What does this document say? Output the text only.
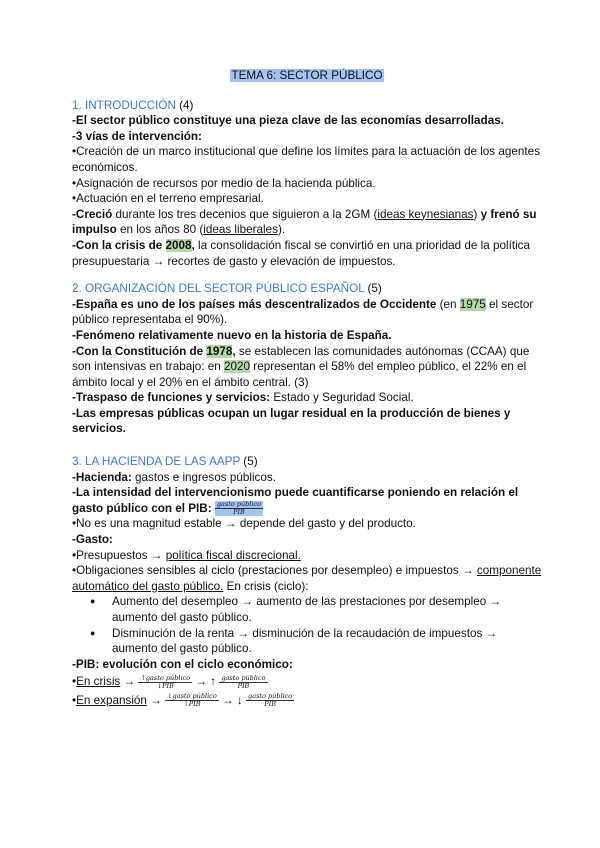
TEMA 6: SECTOR PÚBLICO
1. INTRODUCCIÓN (4)

-El sector público constituye una pieza clave de las economías desarrolladas.

-3 vías de intervención:

•Creación de un marco institucional que define los límites para la actuación de los agentes económicos.

•Asignación de recursos por medio de la hacienda pública.

•Actuación en el terreno empresarial.

-Creció durante los tres decenios que siguieron a la 2GM (ideas keynesianas) y frenó su impulso en los años 80 (ideas liberales).

-Con la crisis de 2008, la consolidación fiscal se convirtió en una prioridad de la política presupuestaria → recortes de gasto y elevación de impuestos.

2. ORGANIZACIÓN DEL SECTOR PÚBLICO ESPAÑOL (5)

-España es uno de los países más descentralizados de Occidente (en 1975 el sector público representaba el 90%).

-Fenómeno relativamente nuevo en la historia de España.

-Con la Constitución de 1978, se establecen las comunidades autónomas (CCAA) que son intensivas en trabajo: en 2020 representan el 58% del empleo público, el 22% en el ámbito local y el 20% en el ámbito central. (3)

-Traspaso de funciones y servicios: Estado y Seguridad Social.

-Las empresas públicas ocupan un lugar residual en la producción de bienes y servicios.

3. LA HACIENDA DE LAS AAPP (5)

-Hacienda: gastos e ingresos públicos.

-La intensidad del intervencionismo puede cuantificarse poniendo en relación el gasto público con el PIB: $\frac{\text{gasto público}}{\text{PIB}}$

•No es una magnitud estable → depende del gasto y del producto.

-Gasto:

•Presupuestos → política fiscal discrecional.

•Obligaciones sensibles al ciclo (prestaciones por desempleo) e impuestos → componente automático del gasto público. En crisis (ciclo):

● Aumento del desempleo → aumento de las prestaciones por desempleo → aumento del gasto público.
● Disminución de la renta → disminución de la recaudación de impuestos → aumento del gasto público.

-PIB: evolución con el ciclo económico:

•En crisis → $\frac{\text{↑gasto público}}{\text{↓PIB}}$ → ↑ $\frac{\text{gasto público}}{\text{PIB}}$

•En expansión → $\frac{\text{↓gasto público}}{\text{↑PIB}}$ → ↓ $\frac{\text{gasto público}}{\text{PIB}}$
